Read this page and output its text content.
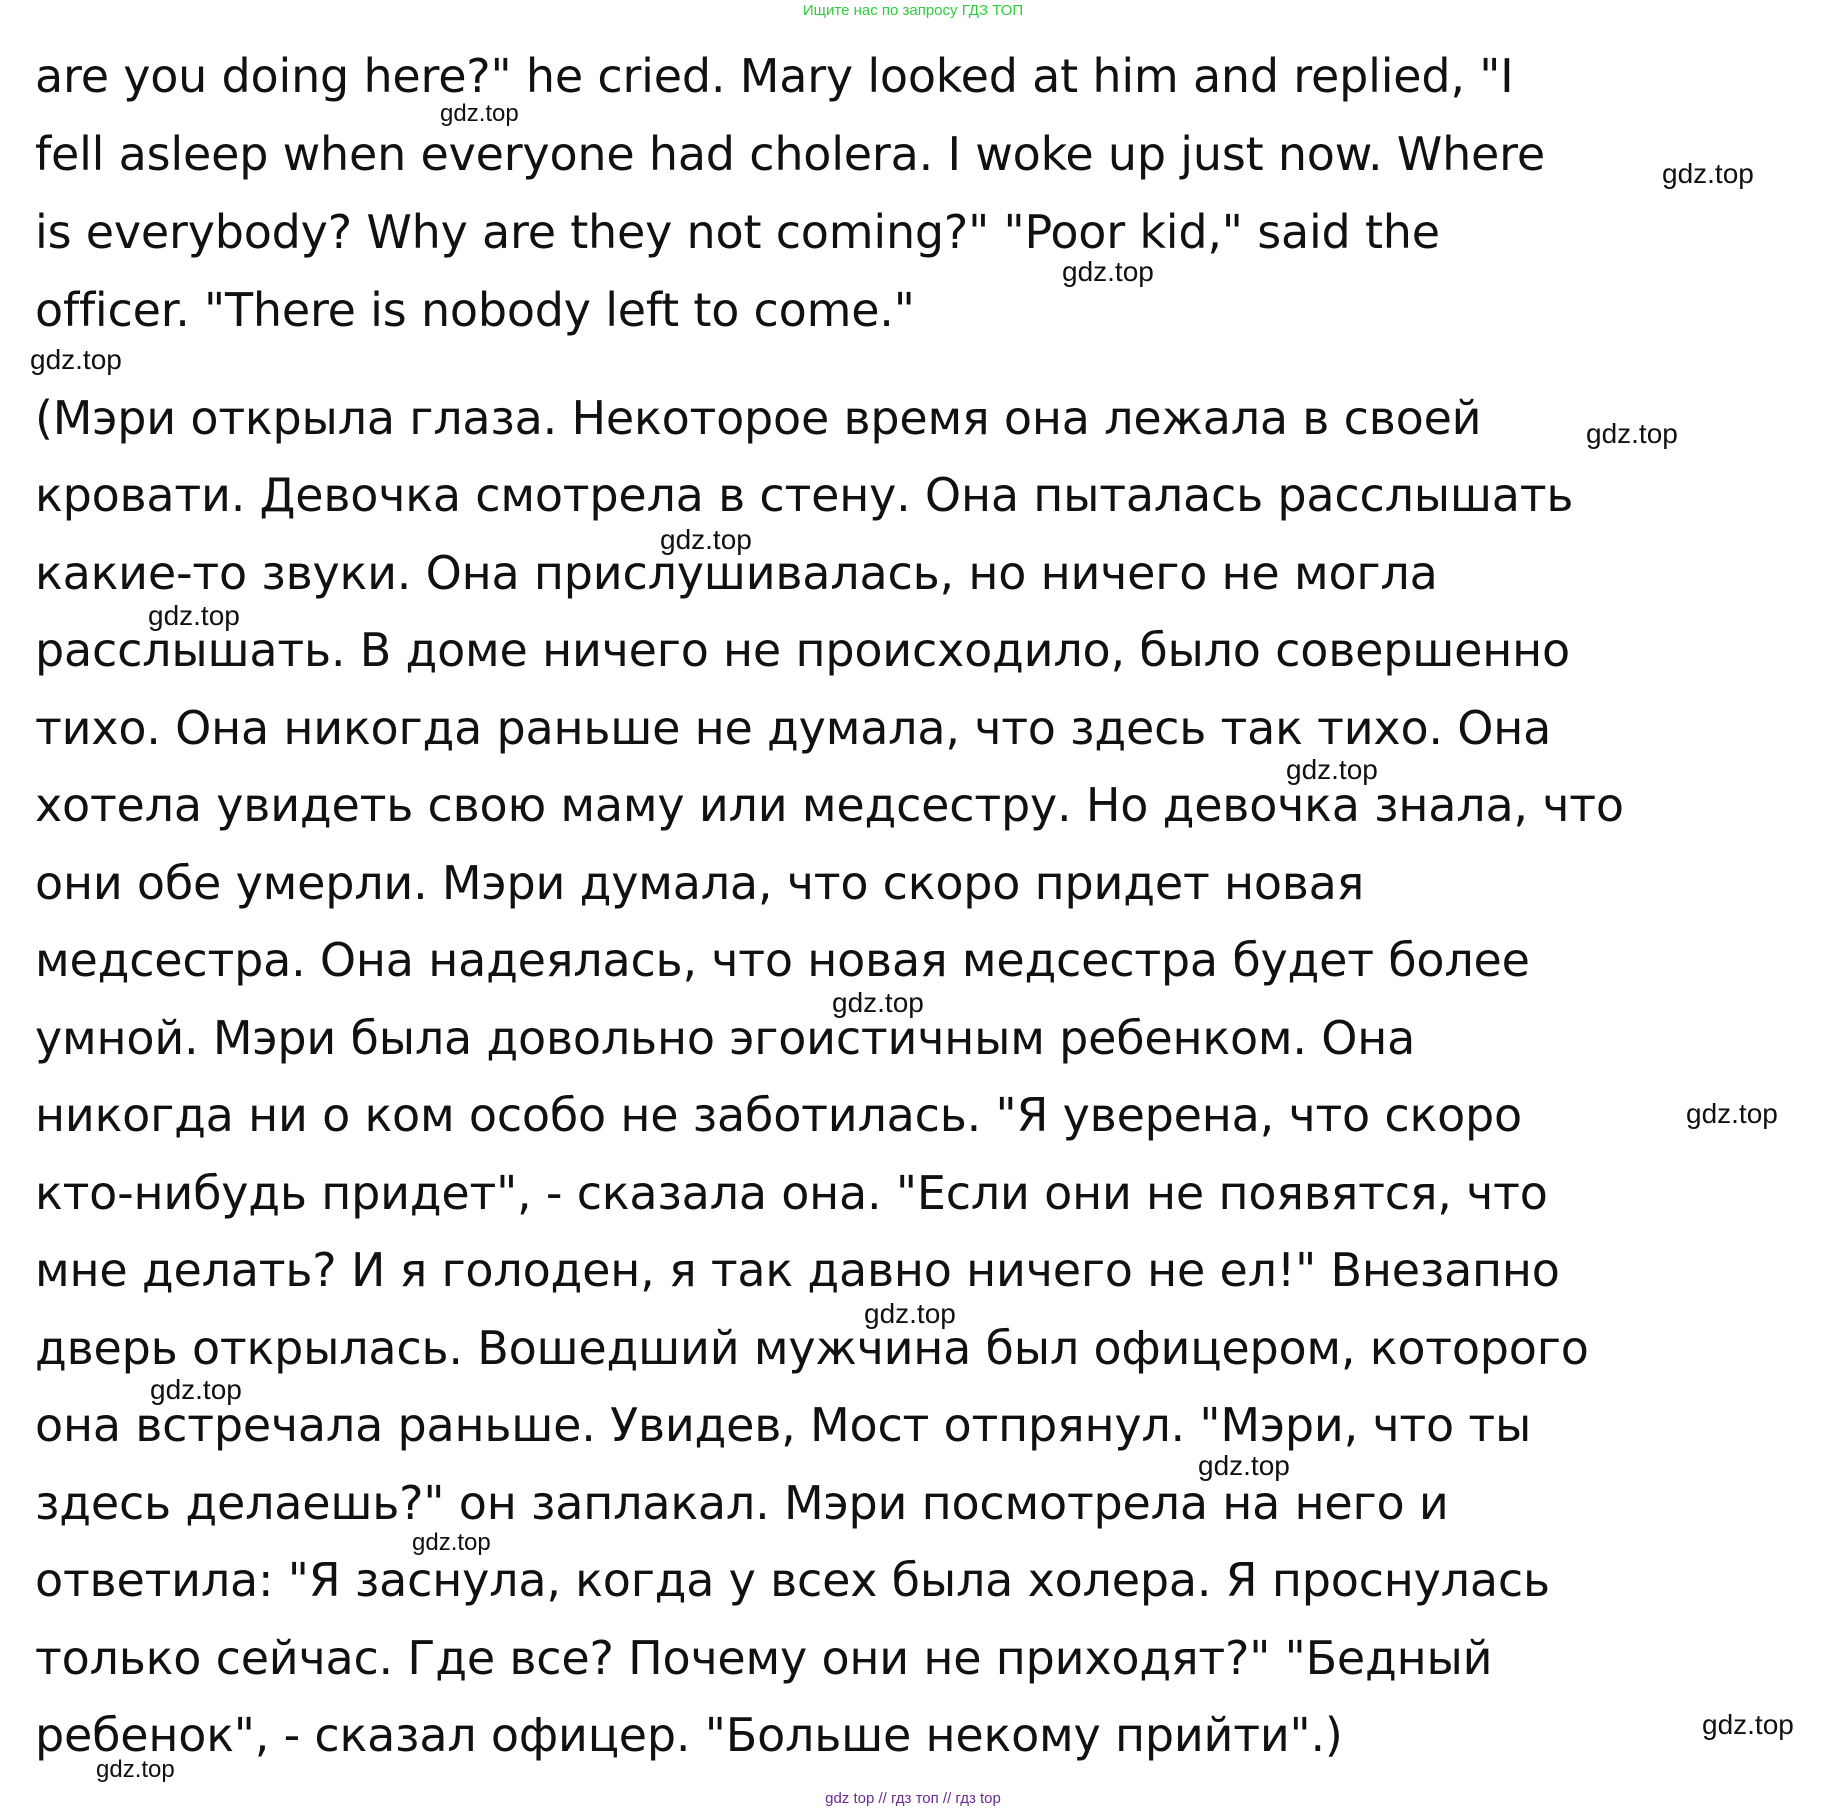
Ищите нас по запросу ГДЗ ТОП
are you doing here?" he cried. Mary looked at him and replied, "I
fell asleep when everyone had cholera. I woke up just now. Where
is everybody? Why are they not coming?" "Poor kid," said the
officer. "There is nobody left to come."
(Мэри открыла глаза. Некоторое время она лежала в своей
кровати. Девочка смотрела в стену. Она пыталась расслышать
какие-то звуки. Она прислушивалась, но ничего не могла
расслышать. В доме ничего не происходило, было совершенно
тихо. Она никогда раньше не думала, что здесь так тихо. Она
хотела увидеть свою маму или медсестру. Но девочка знала, что
они обе умерли. Мэри думала, что скоро придет новая
медсестра. Она надеялась, что новая медсестра будет более
умной. Мэри была довольно эгоистичным ребенком. Она
никогда ни о ком особо не заботилась. "Я уверена, что скоро
кто-нибудь придет", - сказала она. "Если они не появятся, что
мне делать? И я голоден, я так давно ничего не ел!" Внезапно
дверь открылась. Вошедший мужчина был офицером, которого
она встречала раньше. Увидев, Мост отпрянул. "Мэри, что ты
здесь делаешь?" он заплакал. Мэри посмотрела на него и
ответила: "Я заснула, когда у всех была холера. Я проснулась
только сейчас. Где все? Почему они не приходят?" "Бедный
ребенок", - сказал офицер. "Больше некому прийти".)
gdz.top
gdz.top
gdz.top
gdz.top
gdz.top
gdz.top
gdz.top
gdz.top
gdz.top
gdz.top
gdz.top
gdz.top
gdz.top
gdz.top
gdz.top
gdz.top
gdz top // гдз топ // гдз top
